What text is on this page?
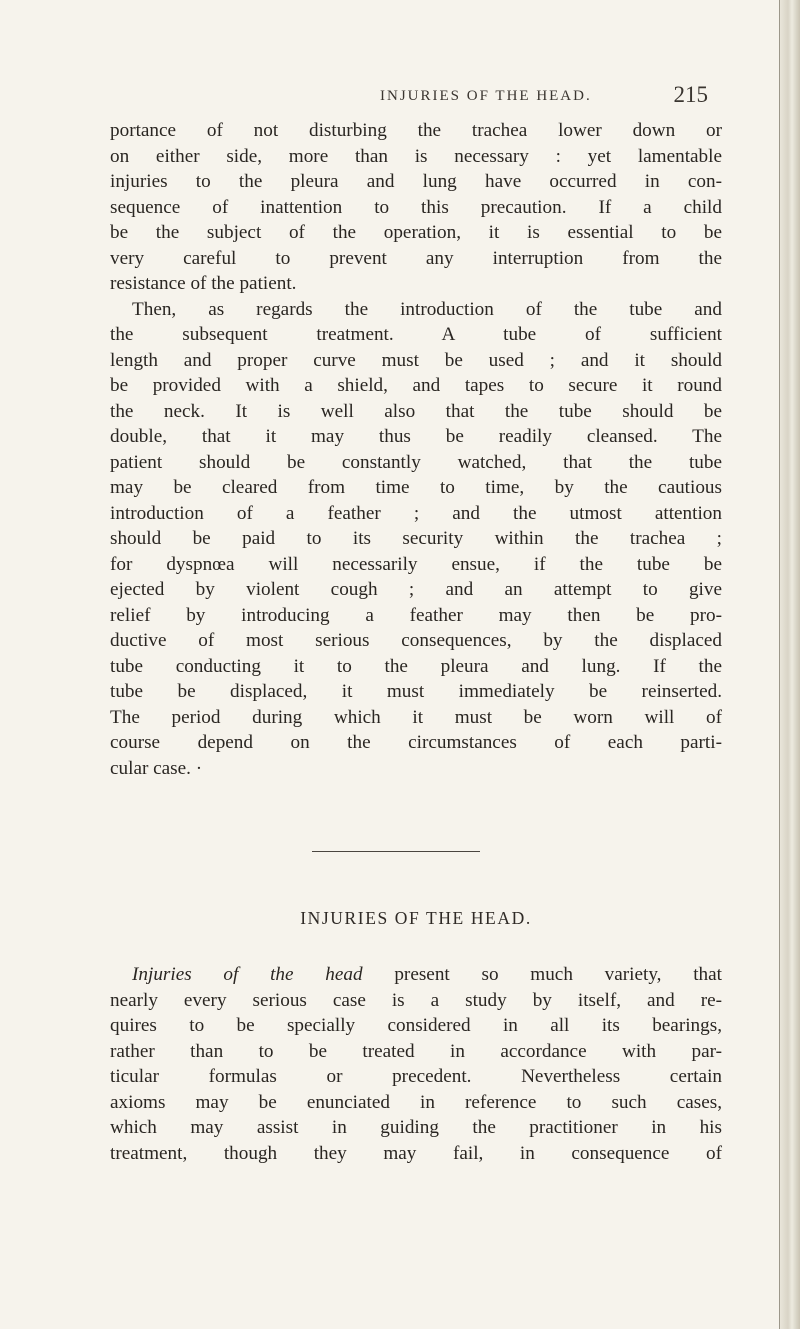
INJURIES OF THE HEAD.	215
portance of not disturbing the trachea lower down or
on either side, more than is necessary : yet lamentable
injuries to the pleura and lung have occurred in con-
sequence of inattention to this precaution. If a child
be the subject of the operation, it is essential to be
very careful to prevent any interruption from the
resistance of the patient.
Then, as regards the introduction of the tube and
the subsequent treatment. A tube of sufficient
length and proper curve must be used ; and it should
be provided with a shield, and tapes to secure it round
the neck. It is well also that the tube should be
double, that it may thus be readily cleansed. The
patient should be constantly watched, that the tube
may be cleared from time to time, by the cautious
introduction of a feather ; and the utmost attention
should be paid to its security within the trachea ;
for dyspnœa will necessarily ensue, if the tube be
ejected by violent cough ; and an attempt to give
relief by introducing a feather may then be pro-
ductive of most serious consequences, by the displaced
tube conducting it to the pleura and lung. If the
tube be displaced, it must immediately be reinserted.
The period during which it must be worn will of
course depend on the circumstances of each parti-
cular case. ·
INJURIES OF THE HEAD.
Injuries of the head present so much variety, that
nearly every serious case is a study by itself, and re-
quires to be specially considered in all its bearings,
rather than to be treated in accordance with par-
ticular formulas or precedent. Nevertheless certain
axioms may be enunciated in reference to such cases,
which may assist in guiding the practitioner in his
treatment, though they may fail, in consequence of
